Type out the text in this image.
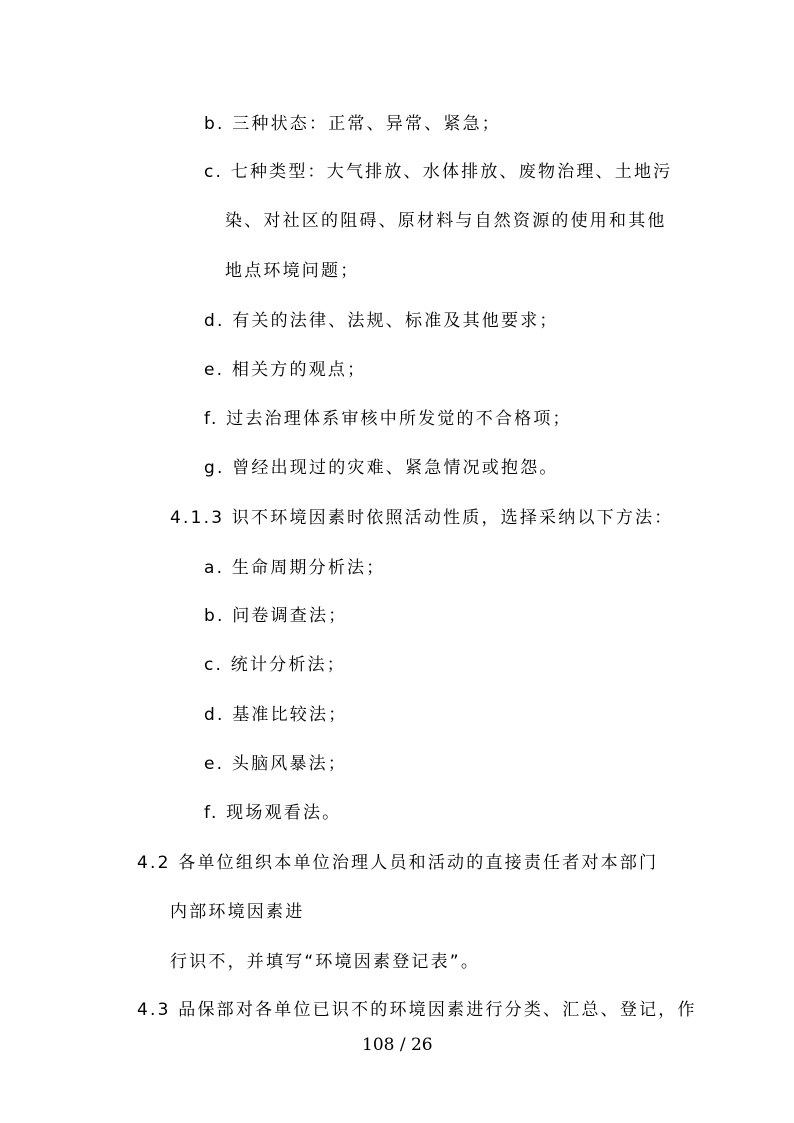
b. 三种状态：正常、异常、紧急；
c. 七种类型：大气排放、水体排放、废物治理、土地污
染、对社区的阻碍、原材料与自然资源的使用和其他
地点环境问题；
d. 有关的法律、法规、标准及其他要求；
e. 相关方的观点；
f. 过去治理体系审核中所发觉的不合格项；
g. 曾经出现过的灾难、紧急情况或抱怨。
4.1.3 识不环境因素时依照活动性质，选择采纳以下方法：
a. 生命周期分析法；
b. 问卷调查法；
c. 统计分析法；
d. 基准比较法；
e. 头脑风暴法；
f. 现场观看法。
4.2 各单位组织本单位治理人员和活动的直接责任者对本部门
内部环境因素进
行识不，并填写“环境因素登记表”。
4.3 品保部对各单位已识不的环境因素进行分类、汇总、登记，作
108 / 26
